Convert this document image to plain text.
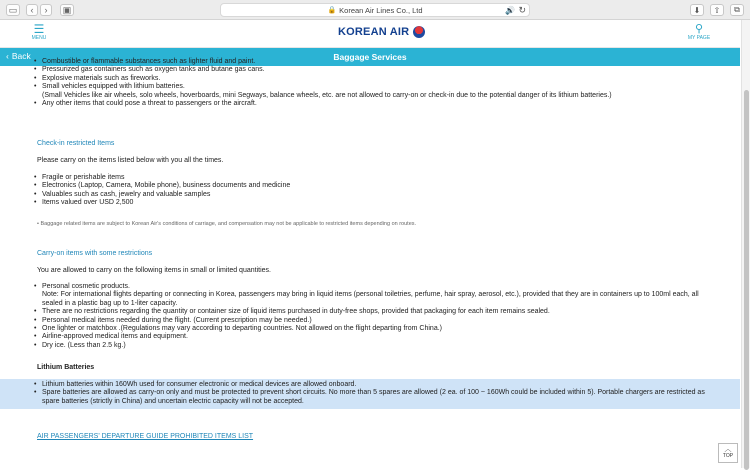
▭	‹	›	▣	🔒 Korean Air Lines Co., Ltd	🔊 ↻	⬇	⇧	⧉
☰
MENU	KOREAN AIR	⚲
MY PAGE
‹ Back	Baggage Services
• Combustible or flammable substances such as lighter fluid and paint.
• Pressurized gas containers such as oxygen tanks and butane gas cans.
• Explosive materials such as fireworks.
• Small vehicles equipped with lithium batteries.
(Small Vehicles like air wheels, solo wheels, hoverboards, mini Segways, balance wheels, etc. are not allowed to carry-on or check-in due to the potential danger of its lithium batteries.)
• Any other items that could pose a threat to passengers or the aircraft.
Check-in restricted Items
Please carry on the items listed below with you all the times.
• Fragile or perishable items
• Electronics (Laptop, Camera, Mobile phone), business documents and medicine
• Valuables such as cash, jewelry and valuable samples
• Items valued over USD 2,500
• Baggage related items are subject to Korean Air's conditions of carriage, and compensation may not be applicable to restricted items depending on routes.
Carry-on items with some restrictions
You are allowed to carry on the following items in small or limited quantities.
• Personal cosmetic products.
Note: For international flights departing or connecting in Korea, passengers may bring in liquid items (personal toiletries, perfume, hair spray, aerosol, etc.), provided that they are in containers up to 100ml each, all sealed in a plastic bag up to 1-liter capacity.
• There are no restrictions regarding the quantity or container size of liquid items purchased in duty-free shops, provided that packaging for each item remains sealed.
• Personal medical items needed during the flight. (Current prescription may be needed.)
• One lighter or matchbox .(Regulations may vary according to departing countries. Not allowed on the flight departing from China.)
• Airline-approved medical items and equipment.
• Dry ice. (Less than 2.5 kg.)
Lithium Batteries
• Lithium batteries within 160Wh used for consumer electronic or medical devices are allowed onboard.
• Spare batteries are allowed as carry-on only and must be protected to prevent short circuits. No more than 5 spares are allowed (2 ea. of 100 ~ 160Wh could be included within 5). Portable chargers are restricted as spare batteries (strictly in China) and uncertain electric capacity will not be accepted.
AIR PASSENGERS' DEPARTURE GUIDE PROHIBITED ITEMS LIST
︿
TOP
